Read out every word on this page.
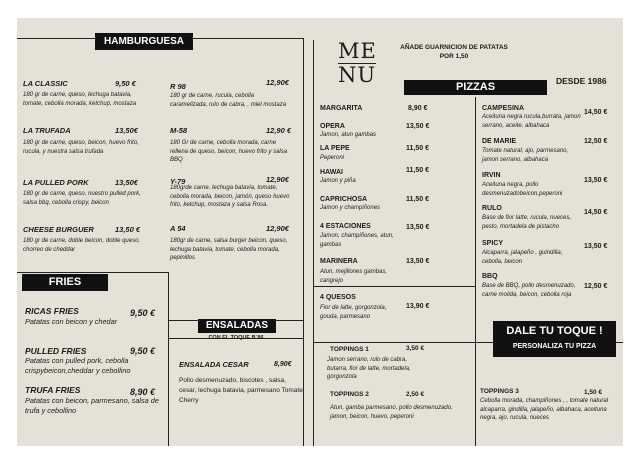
HAMBURGUESA
LA CLASSIC	9,50 €
180 gr de carne, queso, lechuga batavia, tomate, cebolla morada, ketchup, mostaza
LA TRUFADA	13,50€
180 gr de carne, queso, beicon, huevo frito, rucula, y nuestra salsa trufada
LA PULLED PORK	13,50€
180 gr de carne, queso, nuestro pulled pork, salsa bbq, cebolla crispy, beicon
CHEESE BURGUER	13,50 €
180 gr de carne, doble beicon, doble queso, chorreo de cheddar
R 98	12,90€
180 gr de carne, rucula, cebolla caramelizada, rulo de cabra, , miel mostaza
M-58	12,90 €
180 Gr de carne, cebolla morada, carne rellena de queso, beicon, huevo frito y salsa BBQ
Y-79	12,90€
180grde carne. lechuga batavia, tomate, cebolla morada, beicon, jamón, queso huevo frito, ketchup, mostaza y salsa Rosa.
A 54	12,90€
180gr de carne, salsa burger beicon, queso, lechuga batavia, tomate, cebolla morada, pepinillos
FRIES
RICAS FRIES	9,50 €
Patatas con beicon y chedar
PULLED FRIES	9,50 €
Patatas con pulled pork, cebolla crispybeicon,cheddar y cebollino
TRUFA FRIES	8,90 €
Patatas con beicon, parmesano, salsa de trufa y cebollino
ENSALADAS
CON EL TOQUE B´86
ENSALADA CESAR	8,90€
Pollo desmenuzado, biscotes , salsa, cesar, lechuga batavia, parmesano Tomate Cherry
ME
NU
AÑADE GUARNICION DE PATATAS
POR 1,50
DESDE 1986
PIZZAS
MARGARITA	8,90 €
OPERA	13,50 €
Jamon, atun gambas
LA PEPE	11,50 €
Peperoni
HAWAI	11,50 €
Jamon y piña
CAPRICHOSA	11,50 €
Jamon y champiñones
4 ESTACIONES	13,50 €
Jamon, champiñones, atun, gambas
MARINERA	13,50 €
Atun, mejillones gambas, cangrejo
4 QUESOS
13,90 €
Fior de latte, gorgonzola, gouda, parmesano
CAMPESINA
14,50 €
Aceituna negra rucula,burrata, jamon serrano, aceite, albahaca
DE MARIE	12,50 €
Tomate natural, ajo, parmesano, jamon serrano, albahaca
IRVIN
13,50 €
Aceituna negra, pollo desmenuzadobeicon,peperoni
RULO
14,50 €
Base de fior latte, rucula, nueces, pesto, mortadela de pistacho
SPICY	13,50 €
Alcaparra, jalapeño , guindilla, cebolla, beicon
BBQ
12,50 €
Base de BBQ, pollo desmenuzado, carne molida, beicon, cebolla roja
DALE TU TOQUE !
PERSONALIZA TU PIZZA
TOPPINGS 1	3,50 €
Jamon serrano, rulo de cabra, butarra, fior de latte, mortadela, gorgonzola
TOPPINGS 2	2,50 €
Atun, gamba parmesano, pollo desmenuzado, jamon, beicon, huevo, peperoni
TOPPINGS 3	1,50 €
Cebolla morada, champiñones , , tomate natural alcaparra, gindilla, jalapeño, albahaca, aceituna negra, ajo, rucula, nueces
